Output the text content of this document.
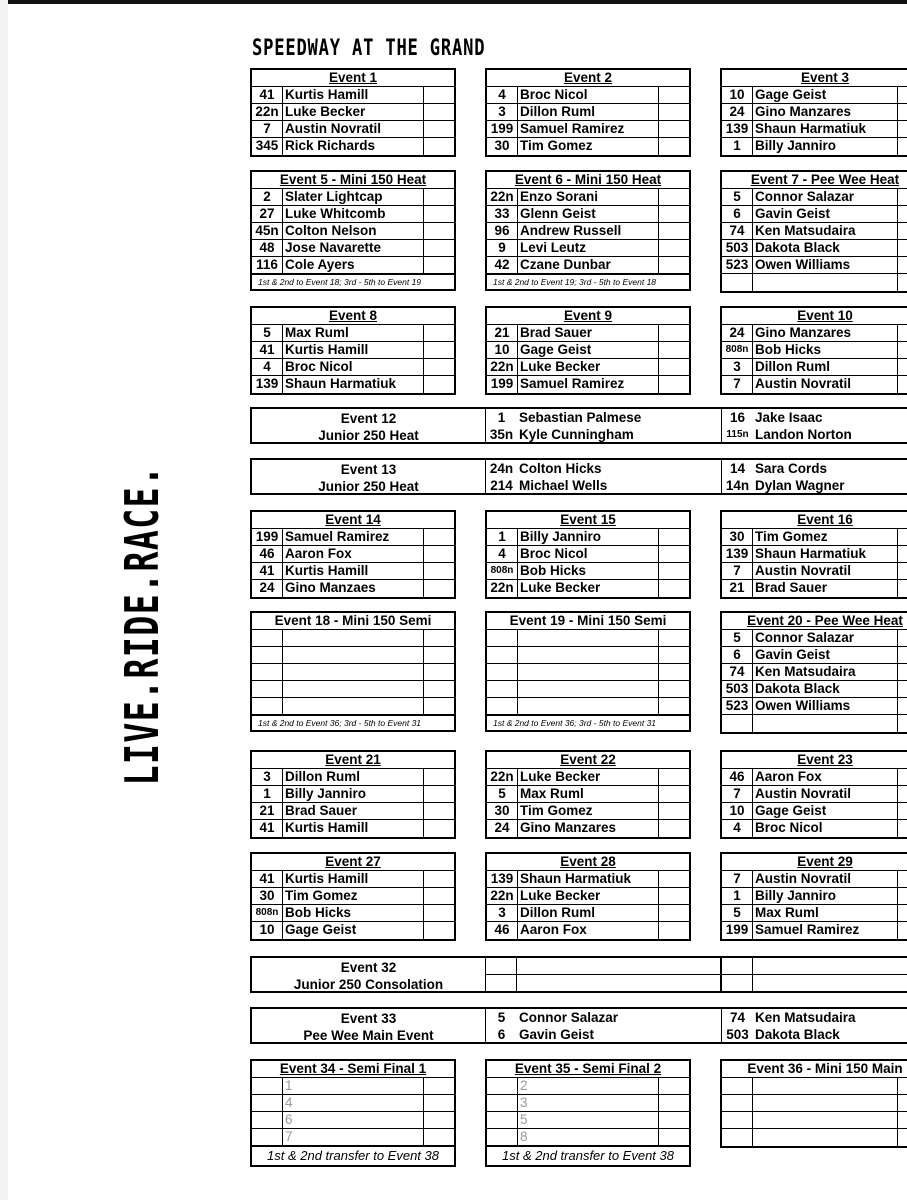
SPEEDWAY AT THE GRAND
LIVE.RIDE.RACE.
Event 1
41 Kurtis Hamill
22n Luke Becker
7	Austin Novratil
345 Rick Richards
Event 2
4	Broc Nicol
3	Dillon Ruml
199 Samuel Ramirez
30 Tim Gomez
Event 3
10 Gage Geist
24 Gino Manzares
139 Shaun Harmatiuk
1	Billy Janniro
Event 5 - Mini 150 Heat
2	Slater Lightcap
27 Luke Whitcomb
45n Colton Nelson
48 Jose Navarette
116 Cole Ayers
1st & 2nd to Event 18; 3rd - 5th to Event 19
Event 6 - Mini 150 Heat
22n Enzo Sorani
33 Glenn Geist
96 Andrew Russell
9	Levi Leutz
42 Czane Dunbar
1st & 2nd to Event 19; 3rd - 5th to Event 18
Event 7 - Pee Wee Heat
5	Connor Salazar
6	Gavin Geist
74 Ken Matsudaira
503 Dakota Black
523 Owen Williams
Event 8
5	Max Ruml
41 Kurtis Hamill
4	Broc Nicol
139 Shaun Harmatiuk
Event 9
21 Brad Sauer
10 Gage Geist
22n Luke Becker
199 Samuel Ramirez
Event 10
24 Gino Manzares
808n Bob Hicks
3	Dillon Ruml
7	Austin Novratil
Event 14
199 Samuel Ramirez
46 Aaron Fox
41 Kurtis Hamill
24 Gino Manzaes
Event 15
1	Billy Janniro
4	Broc Nicol
808n Bob Hicks
22n Luke Becker
Event 16
30 Tim Gomez
139 Shaun Harmatiuk
7	Austin Novratil
21 Brad Sauer
Event 18 - Mini 150 Semi
1st & 2nd to Event 36; 3rd - 5th to Event 31
Event 19 - Mini 150 Semi
1st & 2nd to Event 36; 3rd - 5th to Event 31
Event 20 - Pee Wee Heat
5	Connor Salazar
6	Gavin Geist
74 Ken Matsudaira
503 Dakota Black
523 Owen Williams
Event 21
3	Dillon Ruml
1	Billy Janniro
21 Brad Sauer
41 Kurtis Hamill
Event 22
22n Luke Becker
5	Max Ruml
30 Tim Gomez
24 Gino Manzares
Event 23
46 Aaron Fox
7	Austin Novratil
10 Gage Geist
4	Broc Nicol
Event 27
41 Kurtis Hamill
30 Tim Gomez
808n Bob Hicks
10 Gage Geist
Event 28
139 Shaun Harmatiuk
22n Luke Becker
3	Dillon Ruml
46 Aaron Fox
Event 29
7	Austin Novratil
1	Billy Janniro
5	Max Ruml
199 Samuel Ramirez
Event 34 - Semi Final 1
1
4
6
7
1st & 2nd transfer to Event 38
Event 35 - Semi Final 2
2
3
5
8
1st & 2nd transfer to Event 38
Event 36 - Mini 150 Main
Event 12
Junior 250 Heat
1	Sebastian Palmese
35n Kyle Cunningham
16 Jake Isaac
115n Landon Norton
Event 13
Junior 250 Heat
24n Colton Hicks
214 Michael Wells
14 Sara Cords
14n Dylan Wagner
Event 32
Junior 250 Consolation
Event 33
Pee Wee Main Event
5	Connor Salazar
6	Gavin Geist
74 Ken Matsudaira
503 Dakota Black
